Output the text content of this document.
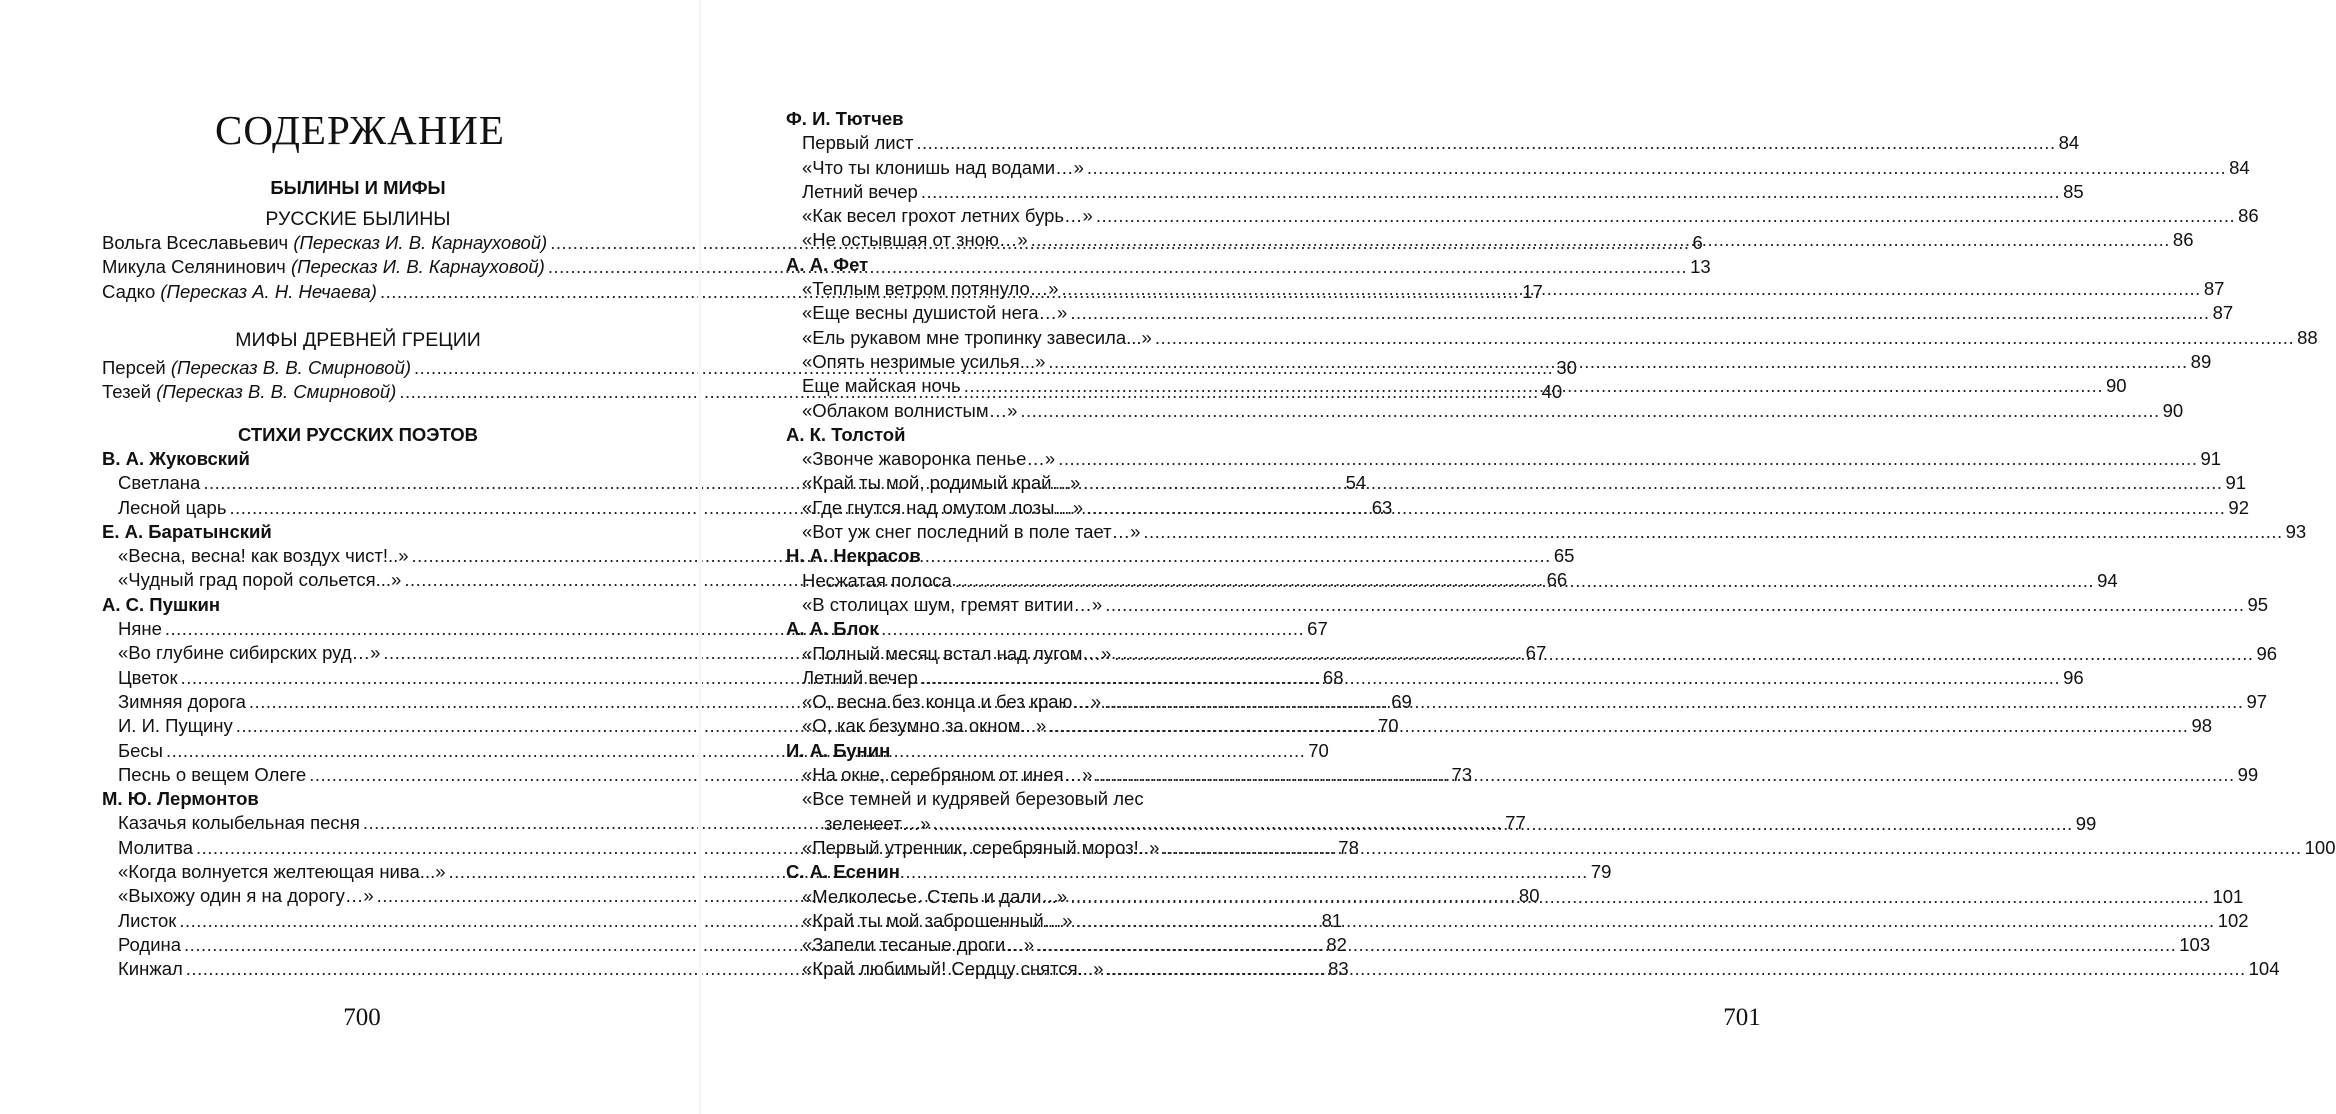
СОДЕРЖАНИЕ
БЫЛИНЫ И МИФЫ
РУССКИЕ БЫЛИНЫ
Вольга Всеславьевич (Пересказ И. В. Карнауховой) .....	6
Микула Селянинович (Пересказ И. В. Карнауховой) .....	13
Садко (Пересказ А. Н. Нечаева) .....	17
МИФЫ ДРЕВНЕЙ ГРЕЦИИ
Персей (Пересказ В. В. Смирновой) .....	30
Тезей (Пересказ В. В. Смирновой) .....	40
СТИХИ РУССКИХ ПОЭТОВ
В. А. Жуковский
Светлана .....	54
Лесной царь .....	63
Е. А. Баратынский
«Весна, весна! как воздух чист!..» .....	65
«Чудный град порой сольется...» .....	66
А. С. Пушкин
Няне .....	67
«Во глубине сибирских руд…» .....	67
Цветок .....	68
Зимняя дорога .....	69
И. И. Пущину .....	70
Бесы .....	70
Песнь о вещем Олеге .....	73
М. Ю. Лермонтов
Казачья колыбельная песня .....	77
Молитва .....	78
«Когда волнуется желтеющая нива...» .....	79
«Выхожу один я на дорогу…» .....	80
Листок .....	81
Родина .....	82
Кинжал .....	83
700
Ф. И. Тютчев
Первый лист .....	84
«Что ты клонишь над водами…» .....	84
Летний вечер .....	85
«Как весел грохот летних бурь…» .....	86
«Не остывшая от зною…» .....	86
А. А. Фет
«Теплым ветром потянуло…» .....	87
«Еще весны душистой нега…» .....	87
«Ель рукавом мне тропинку завесила...» .....	88
«Опять незримые усилья...» .....	89
Еще майская ночь .....	90
«Облаком волнистым…» .....	90
А. К. Толстой
«Звонче жаворонка пенье…» .....	91
«Край ты мой, родимый край…» .....	91
«Где гнутся над омутом лозы…» .....	92
«Вот уж снег последний в поле тает…» .....	93
Н. А. Некрасов
Несжатая полоса .....	94
«В столицах шум, гремят витии…» .....	95
А. А. Блок
«Полный месяц встал над лугом…» .....	96
Летний вечер .....	96
«О, весна без конца и без краю…» .....	97
«О, как безумно за окном...» .....	98
И. А. Бунин
«На окне, серебряном от инея…» .....	99
«Все темней и кудрявей березовый лес
зеленеет…» .....	99
«Первый утренник, серебряный мороз!..» .....	100
С. А. Есенин
«Мелколесье. Степь и дали...» .....	101
«Край ты мой заброшенный…» .....	102
«Запели тесаные дроги…» .....	103
«Край любимый! Сердцу снятся...» .....	104
701
